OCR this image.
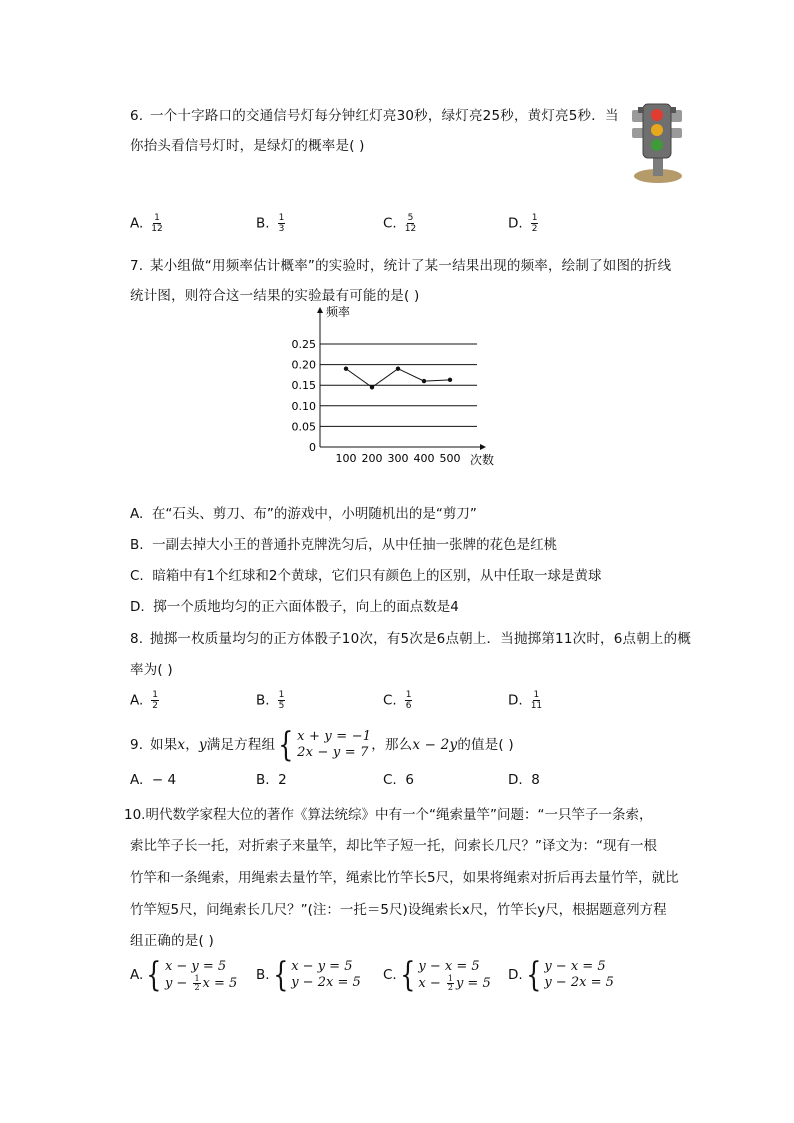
6. 一个十字路口的交通信号灯每分钟红灯亮30秒，绿灯亮25秒，黄灯亮5秒．当
你抬头看信号灯时，是绿灯的概率是( )
A. $\frac{1}{12}$	B. $\frac{1}{3}$	C. $\frac{5}{12}$	D. $\frac{1}{2}$
7. 某小组做“用频率估计概率”的实验时，统计了某一结果出现的频率，绘制了如图的折线
统计图，则符合这一结果的实验最有可能的是( )
0.25
0.20
0.15
0.10
0.05
0
100 200 300 400 500
频率
次数
A. 在“石头、剪刀、布”的游戏中，小明随机出的是“剪刀”
B. 一副去掉大小王的普通扑克牌洗匀后，从中任抽一张牌的花色是红桃
C. 暗箱中有1个红球和2个黄球，它们只有颜色上的区别，从中任取一球是黄球
D. 掷一个质地均匀的正六面体骰子，向上的面点数是4
8. 抛掷一枚质量均匀的正方体骰子10次，有5次是6点朝上．当抛掷第11次时，6点朝上的概
率为( )
A. $\frac{1}{2}$	B. $\frac{1}{5}$	C. $\frac{1}{6}$	D. $\frac{1}{11}$
9. 如果x，y满足方程组 { x + y = −1
2x − y = 7 ，那么x − 2y的值是( )
A. − 4	B. 2	C. 6	D. 8
10.明代数学家程大位的著作《算法统综》中有一个“绳索量竿”问题：“一只竿子一条索，
索比竿子长一托，对折索子来量竿，却比竿子短一托，问索长几尺？”译文为：“现有一根
竹竿和一条绳索，用绳索去量竹竿，绳索比竹竿长5尺，如果将绳索对折后再去量竹竿，就比
竹竿短5尺，问绳索长几尺？”(注：一托＝5尺)设绳索长x尺，竹竿长y尺，根据题意列方程
组正确的是( )
A. { x − y = 5
$y - \frac{1}{2}$ x = 5 B. { x − y = 5
y − 2x = 5 C. { y − x = 5
$x - \frac{1}{2}$ y = 5 D. { y − x = 5
y − 2x = 5
